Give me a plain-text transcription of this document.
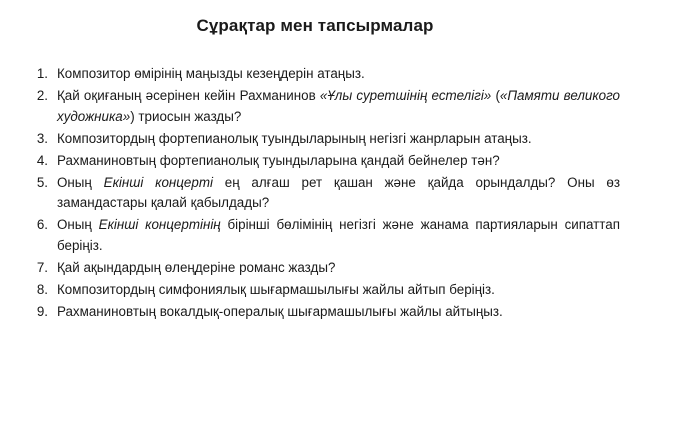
Сұрақтар мен тапсырмалар
1. Композитор өмірінің маңызды кезеңдерін атаңыз.
2. Қай оқиғаның әсерінен кейін Рахманинов «Ұлы суретшінің естелігі» («Памяти великого художника») триосын жазды?
3. Композитордың фортепианолық туындыларының негізгі жанрларын атаңыз.
4. Рахманиновтың фортепианолық туындыларына қандай бейнелер тән?
5. Оның Екінші концерті ең алғаш рет қашан және қайда орындалды? Оны өз замандастары қалай қабылдады?
6. Оның Екінші концертінің бірінші бөлімінің негізгі және жанама партияларын сипаттап беріңіз.
7. Қай ақындардың өлеңдеріне романс жазды?
8. Композитордың симфониялық шығармашылығы жайлы айтып беріңіз.
9. Рахманиновтың вокалдық-опералық шығармашылығы жайлы айтыңыз.
